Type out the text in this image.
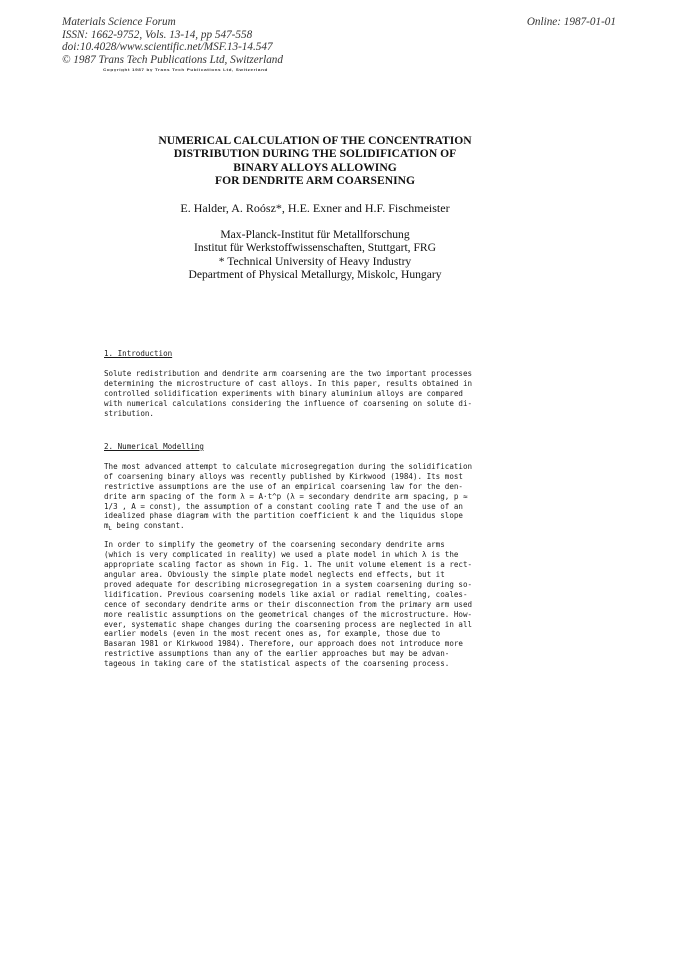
Materials Science Forum
ISSN: 1662-9752, Vols. 13-14, pp 547-558
doi:10.4028/www.scientific.net/MSF.13-14.547
© 1987 Trans Tech Publications Ltd, Switzerland
Online: 1987-01-01
Copyright 1987 by Trans Tech Publications Ltd, Switzerland
NUMERICAL CALCULATION OF THE CONCENTRATION
DISTRIBUTION DURING THE SOLIDIFICATION OF
BINARY ALLOYS ALLOWING
FOR DENDRITE ARM COARSENING
E. Halder, A. Roósz*, H.E. Exner and H.F. Fischmeister
Max-Planck-Institut für Metallforschung
Institut für Werkstoffwissenschaften, Stuttgart, FRG
* Technical University of Heavy Industry
Department of Physical Metallurgy, Miskolc, Hungary
1. Introduction
Solute redistribution and dendrite arm coarsening are the two important processes
determining the microstructure of cast alloys. In this paper, results obtained in
controlled solidification experiments with binary aluminium alloys are compared
with numerical calculations considering the influence of coarsening on solute di-
stribution.
2. Numerical Modelling
The most advanced attempt to calculate microsegregation during the solidification
of coarsening binary alloys was recently published by Kirkwood (1984). Its most
restrictive assumptions are the use of an empirical coarsening law for the den-
drite arm spacing of the form λ = A·t^p (λ = secondary dendrite arm spacing, p ≈
1/3 , A = const), the assumption of a constant cooling rate Ṫ and the use of an
idealized phase diagram with the partition coefficient k and the liquidus slope
$m_L$ being constant.
In order to simplify the geometry of the coarsening secondary dendrite arms
(which is very complicated in reality) we used a plate model in which λ is the
appropriate scaling factor as shown in Fig. 1. The unit volume element is a rect-
angular area. Obviously the simple plate model neglects end effects, but it
proved adequate for describing microsegregation in a system coarsening during so-
lidification. Previous coarsening models like axial or radial remelting, coales-
cence of secondary dendrite arms or their disconnection from the primary arm used
more realistic assumptions on the geometrical changes of the microstructure. How-
ever, systematic shape changes during the coarsening process are neglected in all
earlier models (even in the most recent ones as, for example, those due to
Basaran 1981 or Kirkwood 1984). Therefore, our approach does not introduce more
restrictive assumptions than any of the earlier approaches but may be advan-
tageous in taking care of the statistical aspects of the coarsening process.
